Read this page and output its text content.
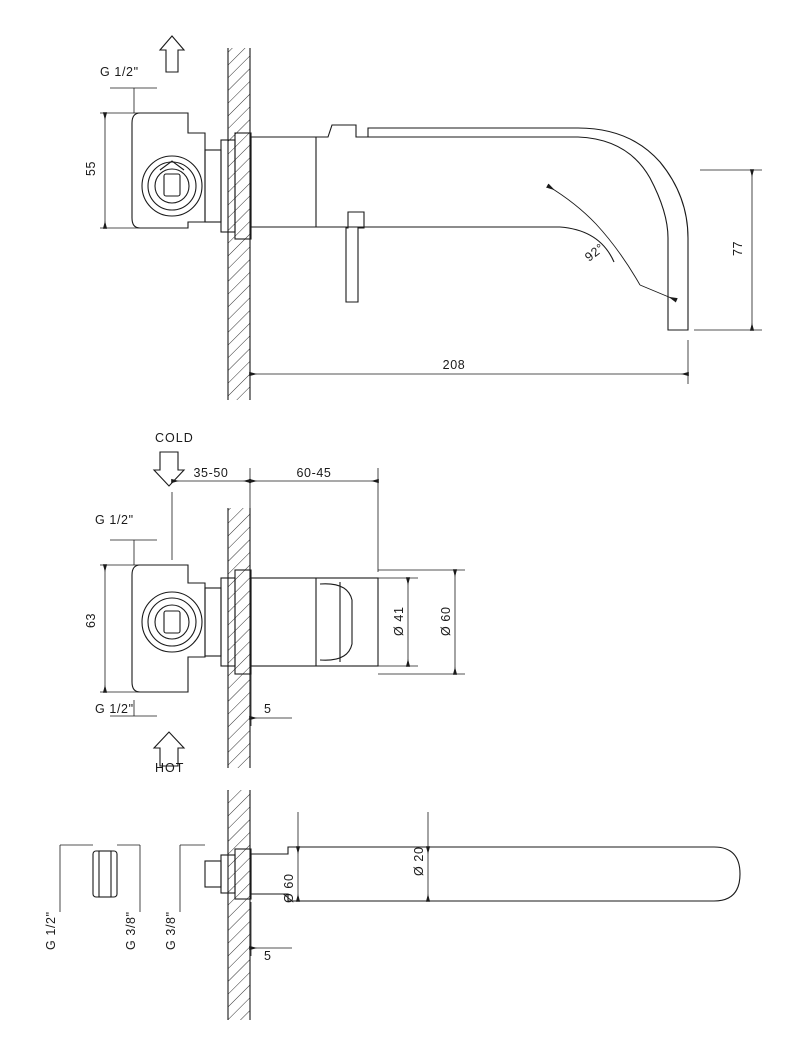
G 1/2"
55
77
208
92°
COLD
HOT
35-50	60-45
G 1/2"
63
G 1/2"	5
Ø 41	Ø 60
G 1/2"	G 3/8" G 3/8"
Ø 60
Ø 20
5
